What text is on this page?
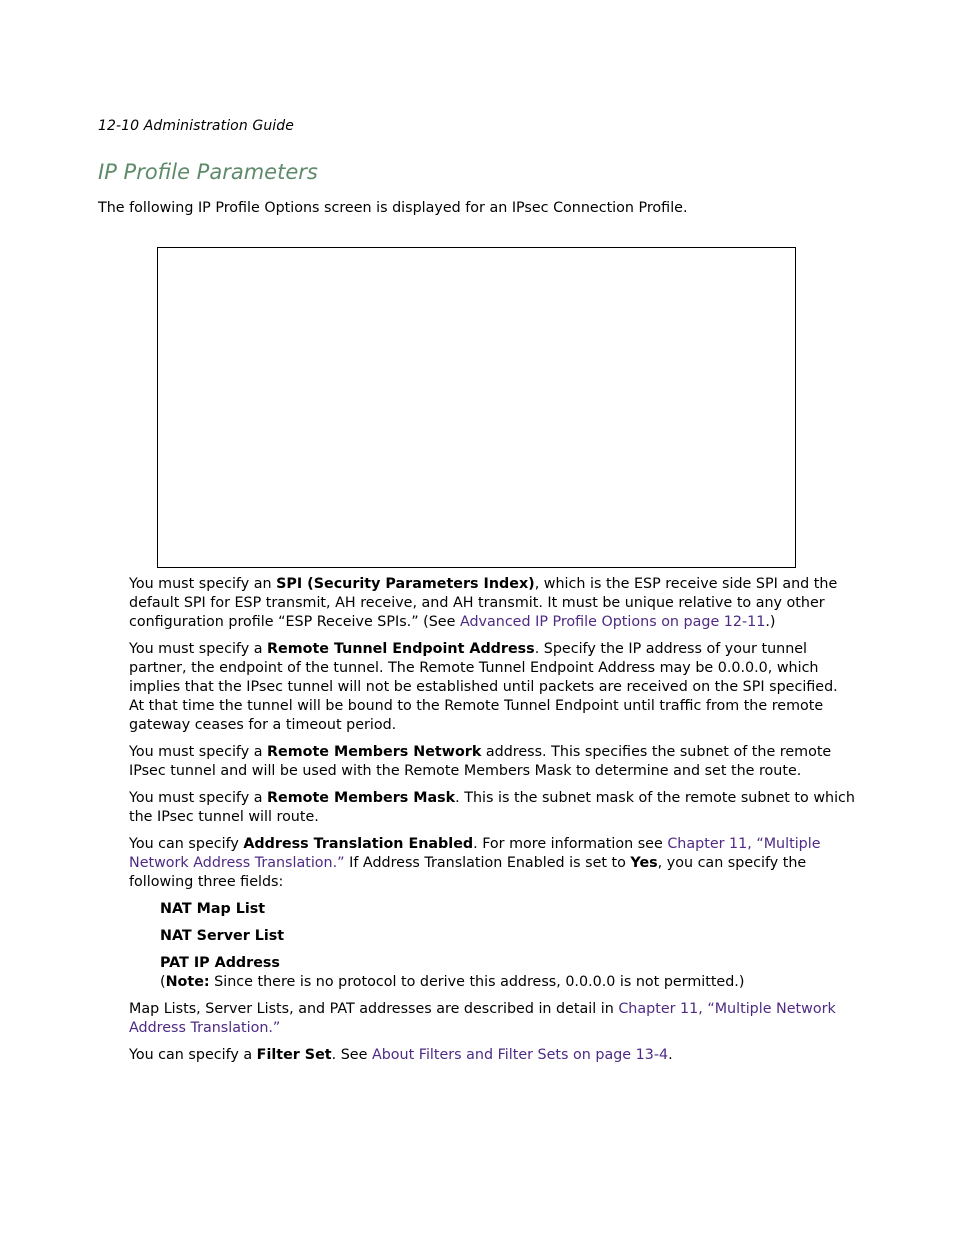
12-10 Administration Guide
IP Profile Parameters

The following IP Profile Options screen is displayed for an IPsec Connection Profile.

You must specify an SPI (Security Parameters Index), which is the ESP receive side SPI and the default SPI for ESP transmit, AH receive, and AH transmit. It must be unique relative to any other configuration profile “ESP Receive SPIs.” (See Advanced IP Profile Options on page 12-11.)

You must specify a Remote Tunnel Endpoint Address. Specify the IP address of your tunnel partner, the endpoint of the tunnel. The Remote Tunnel Endpoint Address may be 0.0.0.0, which implies that the IPsec tunnel will not be established until packets are received on the SPI specified. At that time the tunnel will be bound to the Remote Tunnel Endpoint until traffic from the remote gateway ceases for a timeout period.

You must specify a Remote Members Network address. This specifies the subnet of the remote IPsec tunnel and will be used with the Remote Members Mask to determine and set the route.

You must specify a Remote Members Mask. This is the subnet mask of the remote subnet to which the IPsec tunnel will route.

You can specify Address Translation Enabled. For more information see Chapter 11, “Multiple Network Address Translation.” If Address Translation Enabled is set to Yes, you can specify the following three fields:

NAT Map List

NAT Server List

PAT IP Address

(Note: Since there is no protocol to derive this address, 0.0.0.0 is not permitted.)

Map Lists, Server Lists, and PAT addresses are described in detail in Chapter 11, “Multiple Network Address Translation.”

You can specify a Filter Set. See About Filters and Filter Sets on page 13-4.
